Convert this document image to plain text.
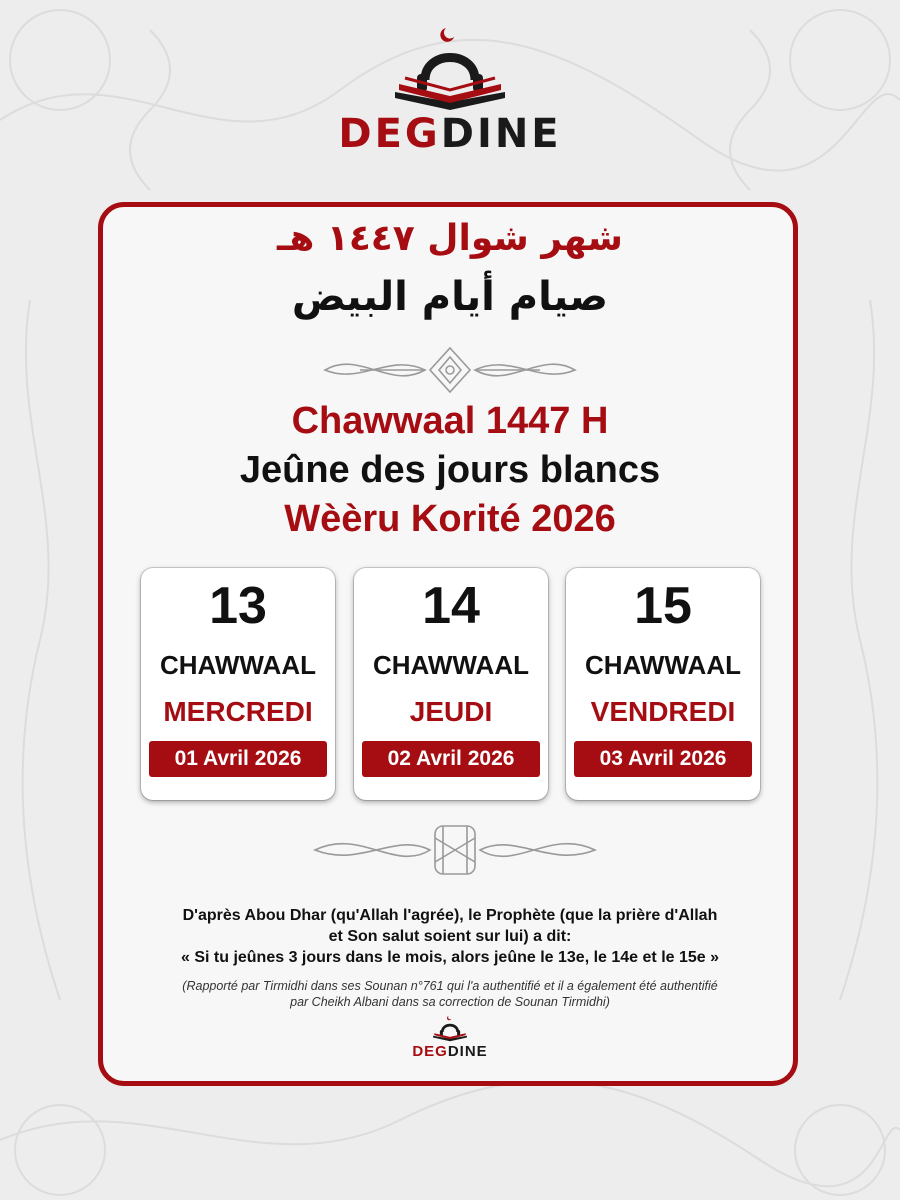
DEGDINE
شهر شوال ١٤٤٧ هـ
صيام أيام البيض
Chawwaal 1447 H
Jeûne des jours blancs
Wèèru Korité 2026
13
CHAWWAAL
MERCREDI
01 Avril 2026
14
CHAWWAAL
JEUDI
02 Avril 2026
15
CHAWWAAL
VENDREDI
03 Avril 2026
D'après Abou Dhar (qu'Allah l'agrée), le Prophète (que la prière d'Allah
et Son salut soient sur lui) a dit:
« Si tu jeûnes 3 jours dans le mois, alors jeûne le 13e, le 14e et le 15e »
(Rapporté par Tirmidhi dans ses Sounan n°761 qui l'a authentifié et il a également été authentifié
par Cheikh Albani dans sa correction de Sounan Tirmidhi)
DEGDINE
